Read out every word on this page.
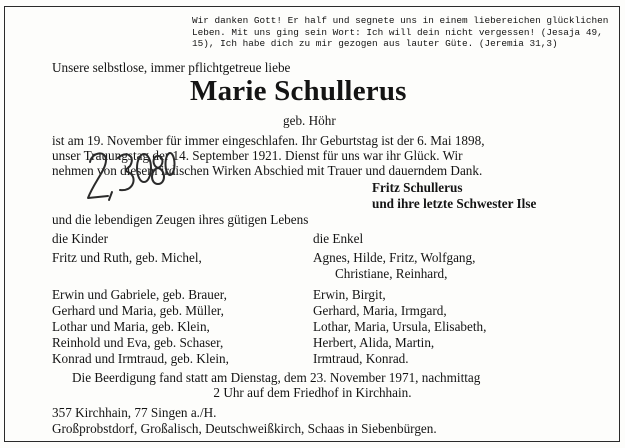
Wir danken Gott! Er half und segnete uns in einem liebereichen glücklichen
Leben. Mit uns ging sein Wort: Ich will dein nicht vergessen! (Jesaja 49,
15), Ich habe dich zu mir gezogen aus lauter Güte. (Jeremia 31,3)
Unsere selbstlose, immer pflichtgetreue liebe
Marie Schullerus
geb. Höhr
ist am 19. November für immer eingeschlafen. Ihr Geburtstag ist der 6. Mai 1898,
unser Trauungstag der 14. September 1921. Dienst für uns war ihr Glück. Wir
nehmen von diesem irdischen Wirken Abschied mit Trauer und dauerndem Dank.
Fritz Schullerus
und ihre letzte Schwester Ilse
und die lebendigen Zeugen ihres gütigen Lebens
die Kinder
Fritz und Ruth, geb. Michel,
Erwin und Gabriele, geb. Brauer,
Gerhard und Maria, geb. Müller,
Lothar und Maria, geb. Klein,
Reinhold und Eva, geb. Schaser,
Konrad und Irmtraud, geb. Klein,
die Enkel
Agnes, Hilde, Fritz, Wolfgang,
Christiane, Reinhard,
Erwin, Birgit,
Gerhard, Maria, Irmgard,
Lothar, Maria, Ursula, Elisabeth,
Herbert, Alida, Martin,
Irmtraud, Konrad.
Die Beerdigung fand statt am Dienstag, dem 23. November 1971, nachmittag
2 Uhr auf dem Friedhof in Kirchhain.
357 Kirchhain, 77 Singen a./H.
Großprobstdorf, Großalisch, Deutschweißkirch, Schaas in Siebenbürgen.
